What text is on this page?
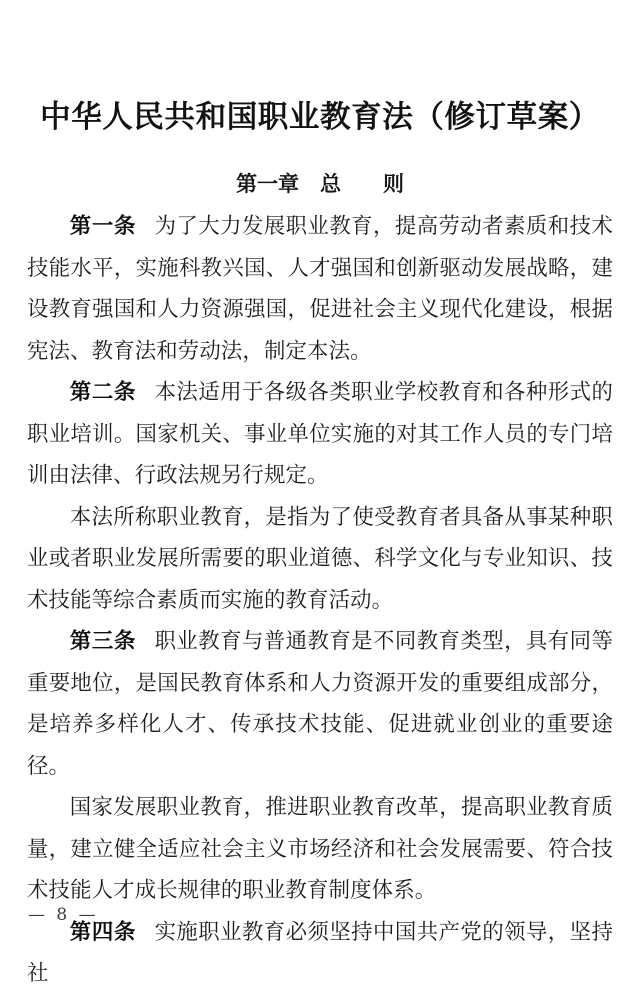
中华人民共和国职业教育法（修订草案）
第一章　总　　则

第一条 为了大力发展职业教育，提高劳动者素质和技术技能水平，实施科教兴国、人才强国和创新驱动发展战略，建设教育强国和人力资源强国，促进社会主义现代化建设，根据宪法、教育法和劳动法，制定本法。

第二条 本法适用于各级各类职业学校教育和各种形式的职业培训。国家机关、事业单位实施的对其工作人员的专门培训由法律、行政法规另行规定。

本法所称职业教育，是指为了使受教育者具备从事某种职业或者职业发展所需要的职业道德、科学文化与专业知识、技术技能等综合素质而实施的教育活动。

第三条 职业教育与普通教育是不同教育类型，具有同等重要地位，是国民教育体系和人力资源开发的重要组成部分，是培养多样化人才、传承技术技能、促进就业创业的重要途径。

国家发展职业教育，推进职业教育改革，提高职业教育质量，建立健全适应社会主义市场经济和社会发展需要、符合技术技能人才成长规律的职业教育制度体系。

第四条 实施职业教育必须坚持中国共产党的领导，坚持社

— 8 —
